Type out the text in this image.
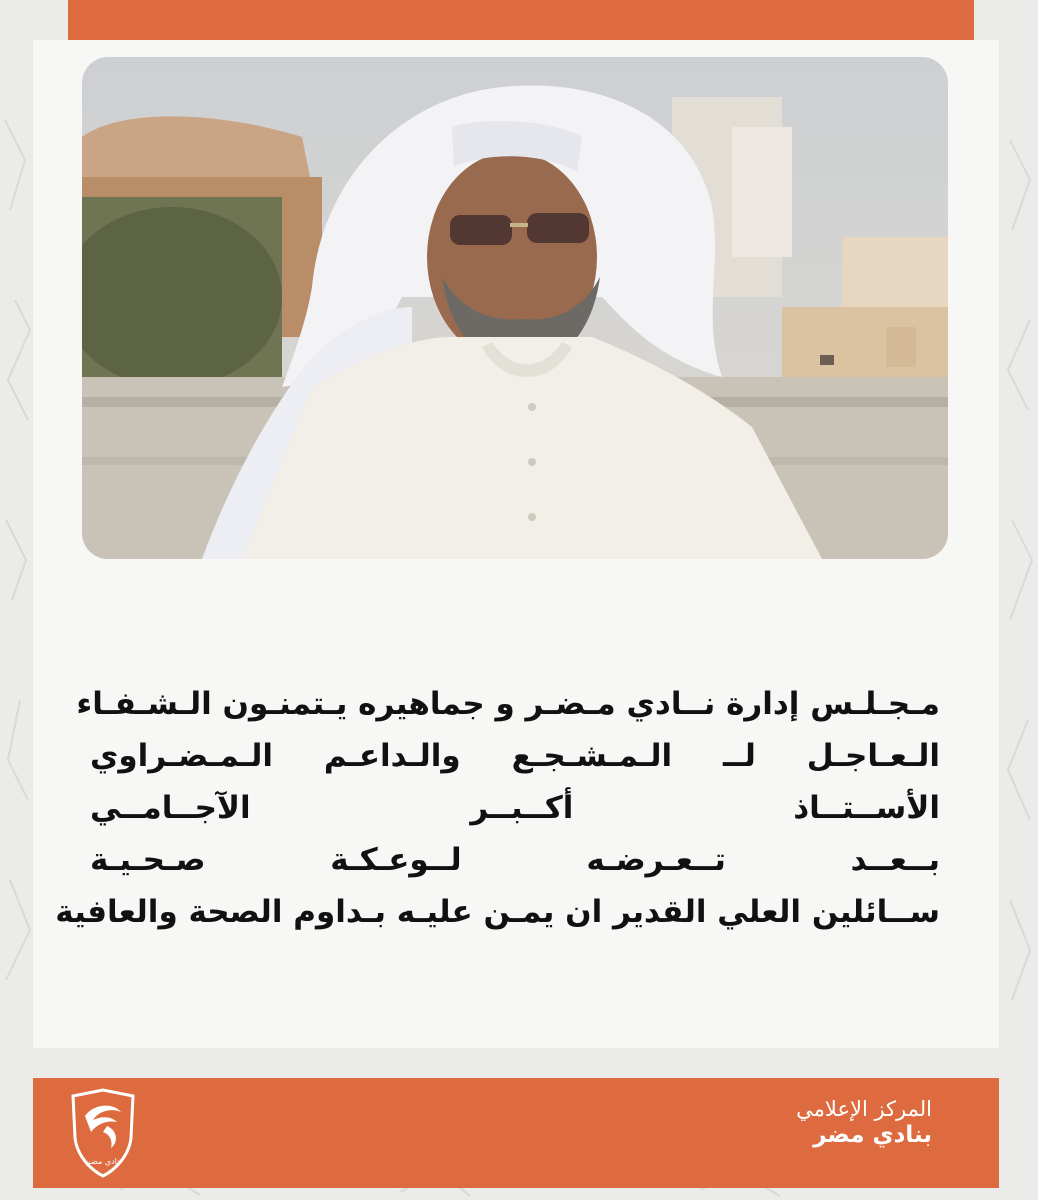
مـجـلـس إدارة نــادي مـضـر و جماهيره يـتمنـون الـشـفـاء
الـعـاجـل لــ الـمـشـجـع والـداعـم الـمـضـراوي
الأســتــاذ أكــبــر الآجــامــي
بــعــد تــعـرضـه لــوعـكـة صـحـيـة
ســائلين العلي القدير ان يمـن عليـه بـداوم الصحة والعافية
نادي مضر
المركز الإعلامي
بنادي مضر
